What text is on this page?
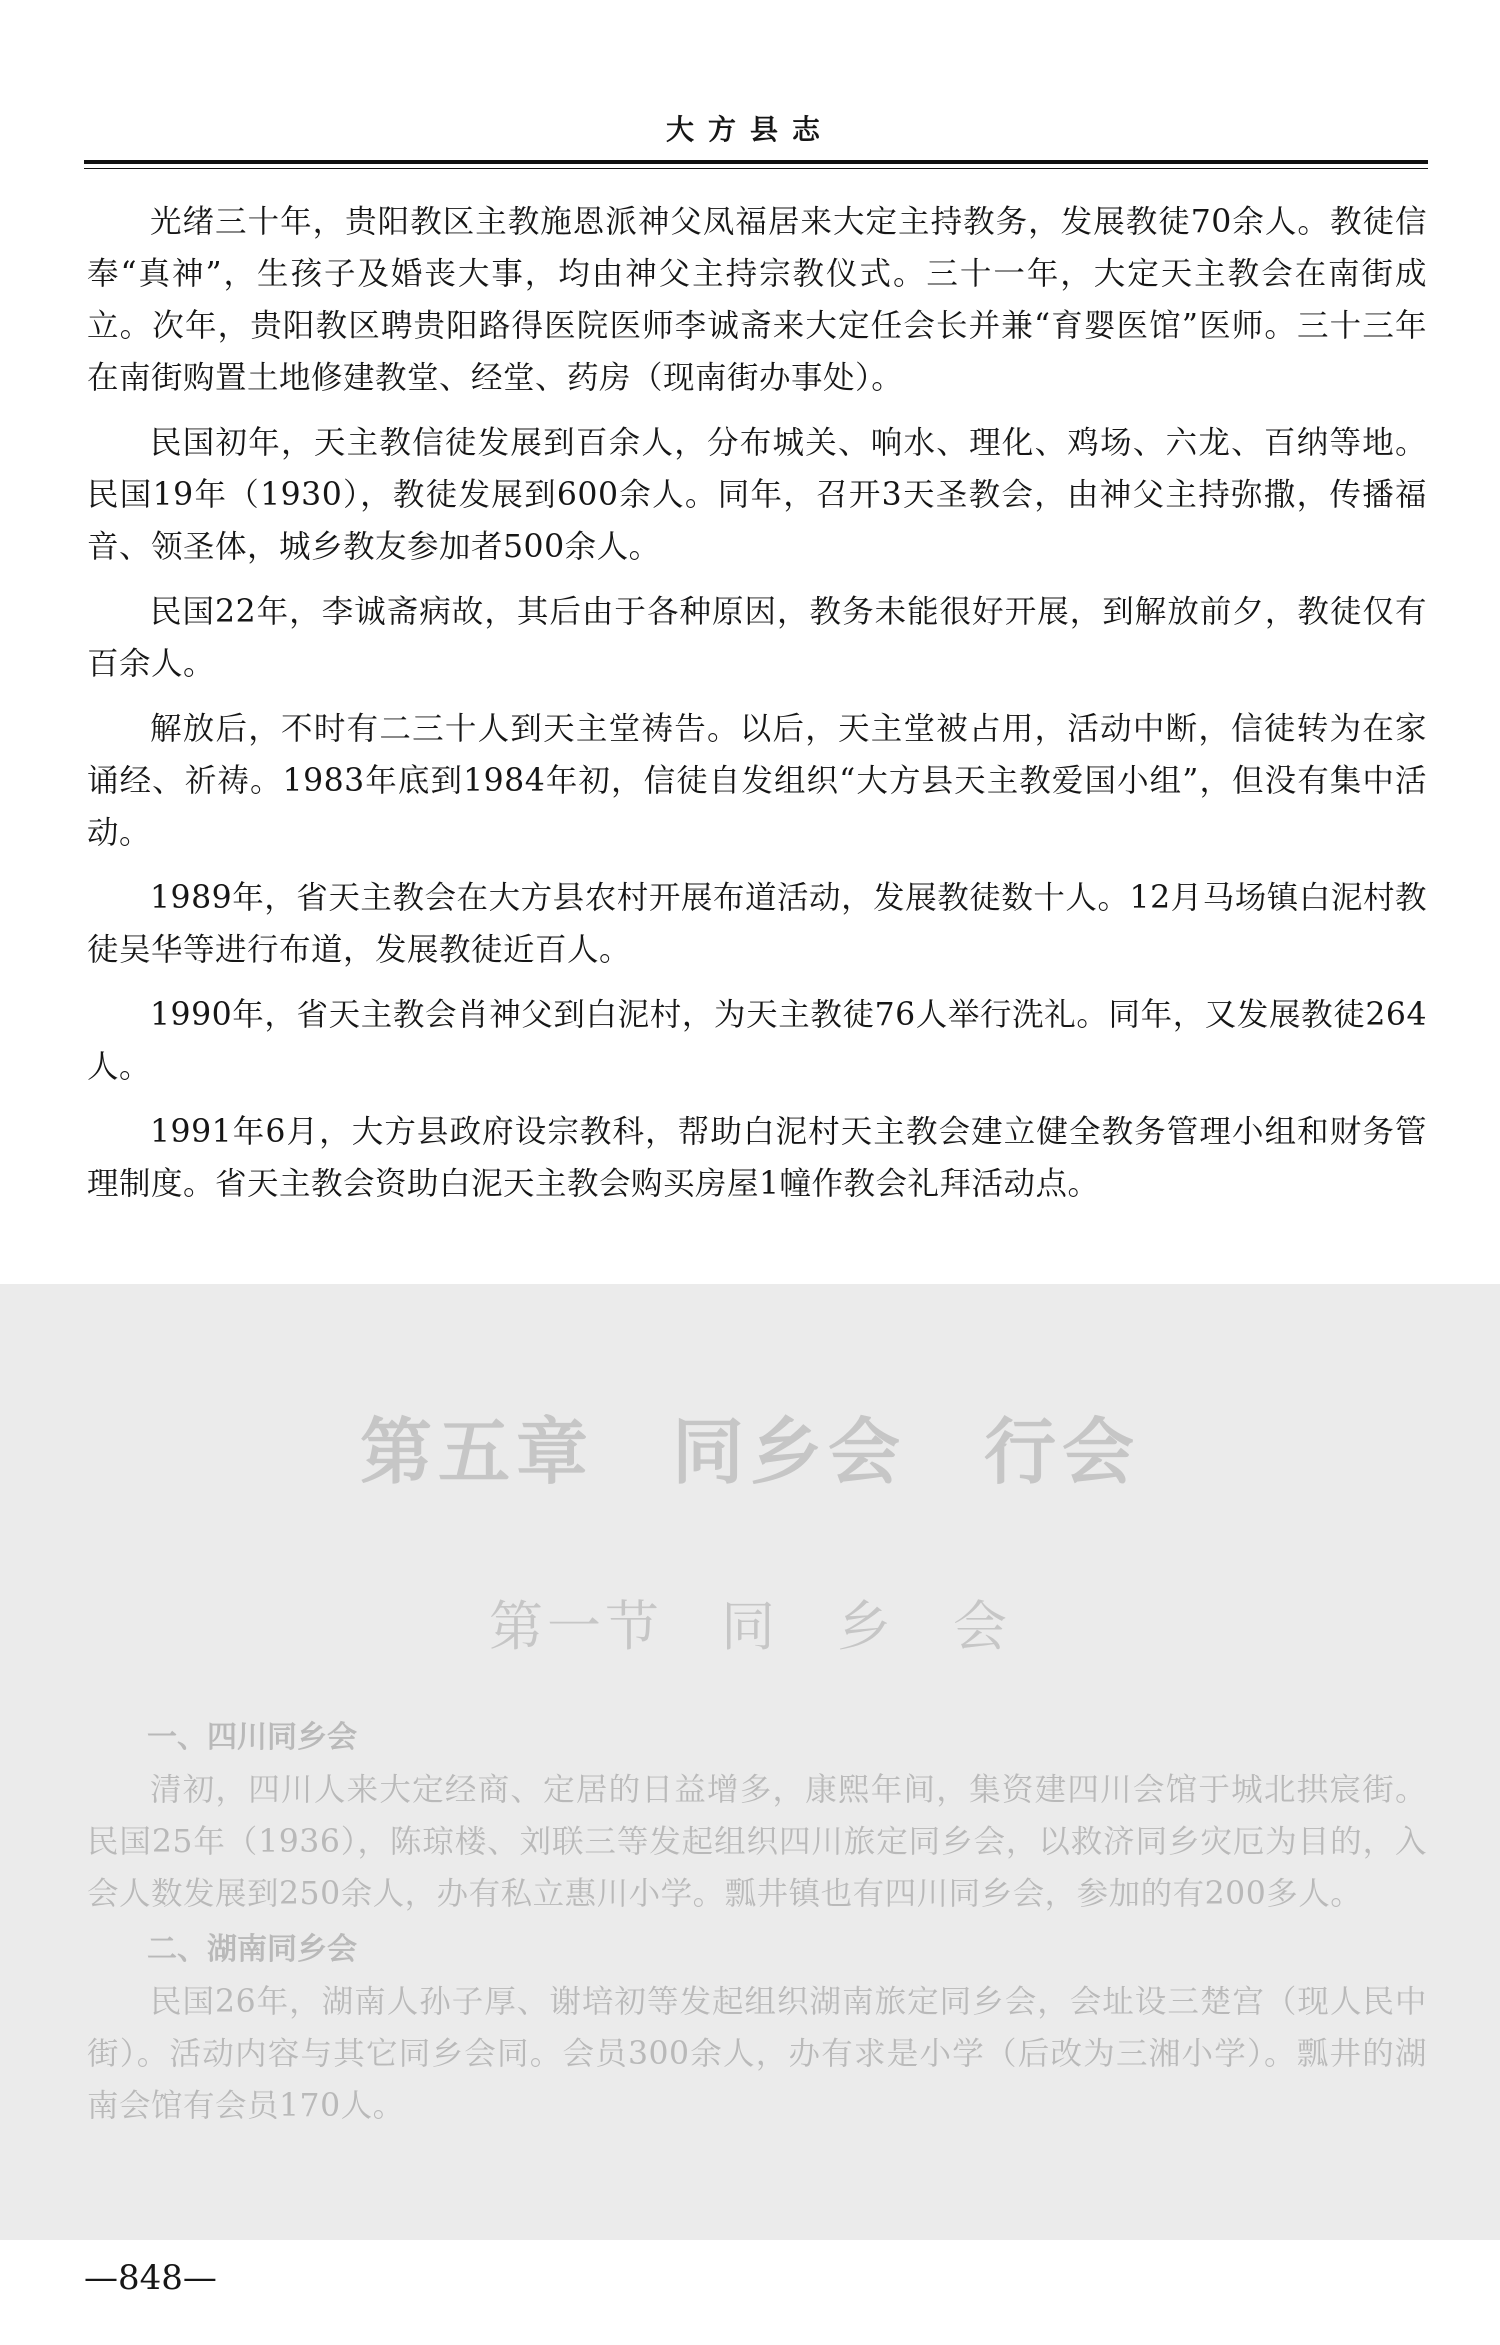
大方县志

光绪三十年，贵阳教区主教施恩派神父凤福居来大定主持教务，发展教徒70余人。教徒信奉“真神”，生孩子及婚丧大事，均由神父主持宗教仪式。三十一年，大定天主教会在南街成立。次年，贵阳教区聘贵阳路得医院医师李诚斋来大定任会长并兼“育婴医馆”医师。三十三年在南街购置土地修建教堂、经堂、药房（现南街办事处）。

民国初年，天主教信徒发展到百余人，分布城关、响水、理化、鸡场、六龙、百纳等地。民国19年（1930），教徒发展到600余人。同年，召开3天圣教会，由神父主持弥撒，传播福音、领圣体，城乡教友参加者500余人。

民国22年，李诚斋病故，其后由于各种原因，教务未能很好开展，到解放前夕，教徒仅有百余人。

解放后，不时有二三十人到天主堂祷告。以后，天主堂被占用，活动中断，信徒转为在家诵经、祈祷。1983年底到1984年初，信徒自发组织“大方县天主教爱国小组”，但没有集中活动。

1989年，省天主教会在大方县农村开展布道活动，发展教徒数十人。12月马场镇白泥村教徒吴华等进行布道，发展教徒近百人。

1990年，省天主教会肖神父到白泥村，为天主教徒76人举行洗礼。同年，又发展教徒264人。

1991年6月，大方县政府设宗教科，帮助白泥村天主教会建立健全教务管理小组和财务管理制度。省天主教会资助白泥天主教会购买房屋1幢作教会礼拜活动点。

第五章　同乡会　行会
第一节　同　乡　会

一、四川同乡会

清初，四川人来大定经商、定居的日益增多，康熙年间，集资建四川会馆于城北拱宸街。民国25年（1936），陈琼楼、刘联三等发起组织四川旅定同乡会，以救济同乡灾厄为目的，入会人数发展到250余人，办有私立惠川小学。瓢井镇也有四川同乡会，参加的有200多人。

二、湖南同乡会

民国26年，湖南人孙子厚、谢培初等发起组织湖南旅定同乡会，会址设三楚宫（现人民中街）。活动内容与其它同乡会同。会员300余人，办有求是小学（后改为三湘小学）。瓢井的湖南会馆有会员170人。

—848—
